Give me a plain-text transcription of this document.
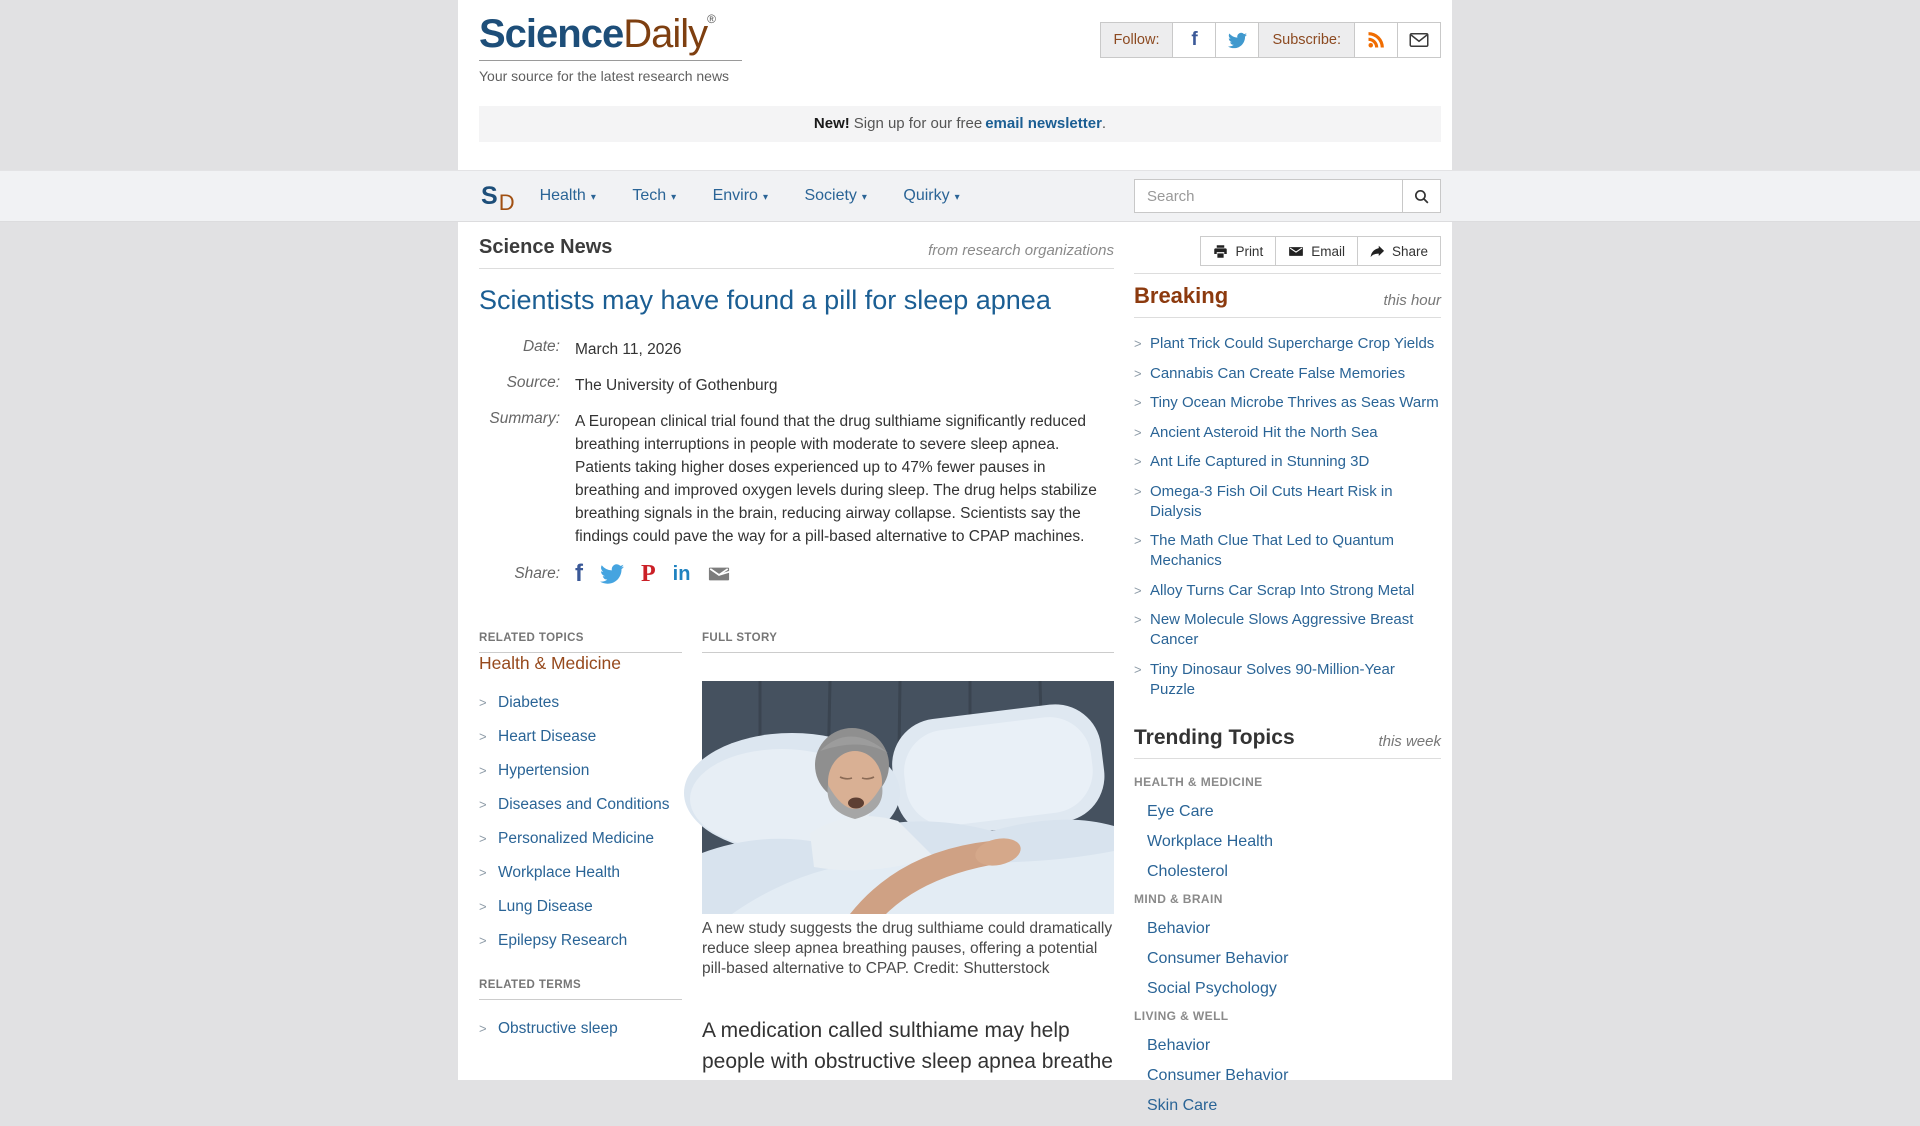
ScienceDaily®
Your source for the latest research news
Follow:	f	Subscribe:
New! Sign up for our free email newsletter.
SD Health ▾ Tech ▾ Enviro ▾ Society ▾ Quirky ▾
Search
Science News	from research organizations
Scientists may have found a pill for sleep apnea
Date: March 11, 2026
Source: The University of Gothenburg
Summary: A European clinical trial found that the drug sulthiame significantly reduced breathing interruptions in people with moderate to severe sleep apnea. Patients taking higher doses experienced up to 47% fewer pauses in breathing and improved oxygen levels during sleep. The drug helps stabilize breathing signals in the brain, reducing airway collapse. Scientists say the findings could pave the way for a pill-based alternative to CPAP machines.
Share: f P in
RELATED TOPICS
Health & Medicine
> Diabetes
> Heart Disease
> Hypertension
> Diseases and Conditions
> Personalized Medicine
> Workplace Health
> Lung Disease
> Epilepsy Research
RELATED TERMS
> Obstructive sleep
FULL STORY
A new study suggests the drug sulthiame could dramatically reduce sleep apnea breathing pauses, offering a potential pill-based alternative to CPAP. Credit: Shutterstock
A medication called sulthiame may help people with obstructive sleep apnea breathe
Print	Email	Share
Breaking	this hour
> Plant Trick Could Supercharge Crop Yields
> Cannabis Can Create False Memories
> Tiny Ocean Microbe Thrives as Seas Warm
> Ancient Asteroid Hit the North Sea
> Ant Life Captured in Stunning 3D
> Omega-3 Fish Oil Cuts Heart Risk in Dialysis
> The Math Clue That Led to Quantum Mechanics
> Alloy Turns Car Scrap Into Strong Metal
> New Molecule Slows Aggressive Breast Cancer
> Tiny Dinosaur Solves 90-Million-Year Puzzle
Trending Topics	this week
HEALTH & MEDICINE
Eye Care
Workplace Health
Cholesterol
MIND & BRAIN
Behavior
Consumer Behavior
Social Psychology
LIVING & WELL
Behavior
Consumer Behavior
Skin Care
